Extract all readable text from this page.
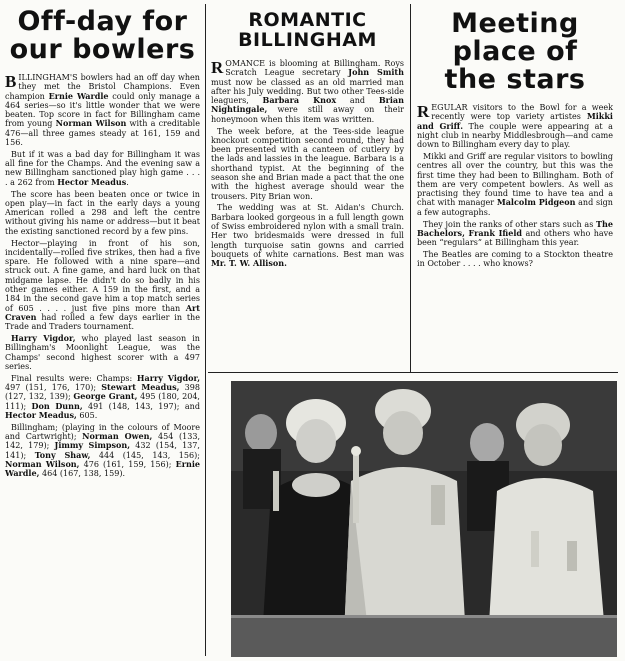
Off-day for
our bowlers

BILLINGHAM'S bowlers had an off day when they met the Bristol Champions. Even champion Ernie Wardle could only manage a 464 series—so it's little wonder that we were beaten. Top score in fact for Billingham came from young Norman Wilson with a creditable 476—all three games steady at 161, 159 and 156.

But if it was a bad day for Billingham it was all fine for the Champs. And the evening saw a new Billingham sanctioned play high game . . . . a 262 from Hector Meadus.

The score has been beaten once or twice in open play—in fact in the early days a young American rolled a 298 and left the centre without giving his name or address—but it beat the existing sanctioned record by a few pins.

Hector—playing in front of his son, incidentally—rolled five strikes, then had a five spare. He followed with a nine spare—and struck out. A fine game, and hard luck on that midgame lapse. He didn't do so badly in his other games either. A 159 in the first, and a 184 in the second gave him a top match series of 605 . . . . just five pins more than Art Craven had rolled a few days earlier in the Trade and Traders tournament.

Harry Vigdor, who played last season in Billingham's Moonlight League, was the Champs' second highest scorer with a 497 series.

Final results were: Champs: Harry Vigdor, 497 (151, 176, 170); Stewart Meadus, 398 (127, 132, 139); George Grant, 495 (180, 204, 111); Don Dunn, 491 (148, 143, 197); and Hector Meadus, 605.

Billingham; (playing in the colours of Moore and Cartwright); Norman Owen, 454 (133, 142, 179); Jimmy Simpson, 432 (154, 137, 141); Tony Shaw, 444 (145, 143, 156); Norman Wilson, 476 (161, 159, 156); Ernie Wardle, 464 (167, 138, 159).

ROMANTIC
BILLINGHAM

ROMANCE is blooming at Billingham. Roys Scratch League secretary John Smith must now be classed as an old married man after his July wedding. But two other Tees-side leaguers, Barbara Knox and Brian Nightingale, were still away on their honeymoon when this item was written.

The week before, at the Tees-side league knockout competition second round, they had been presented with a canteen of cutlery by the lads and lassies in the league. Barbara is a shorthand typist. At the beginning of the season she and Brian made a pact that the one with the highest average should wear the trousers. Pity Brian won.

The wedding was at St. Aidan's Church. Barbara looked gorgeous in a full length gown of Swiss embroidered nylon with a small train. Her two bridesmaids were dressed in full length turquoise satin gowns and carried bouquets of white carnations. Best man was Mr. T. W. Allison.

Meeting
place of
the stars

REGULAR visitors to the Bowl for a week recently were top variety artistes Mikki and Griff. The couple were appearing at a night club in nearby Middlesbrough—and came down to Billingham every day to play.

Mikki and Griff are regular visitors to bowling centres all over the country, but this was the first time they had been to Billingham. Both of them are very competent bowlers. As well as practising they found time to have tea and a chat with manager Malcolm Pidgeon and sign a few autographs.

They join the ranks of other stars such as The Bachelors, Frank Ifield and others who have been “regulars” at Billingham this year.

The Beatles are coming to a Stockton theatre in October . . . . who knows?
